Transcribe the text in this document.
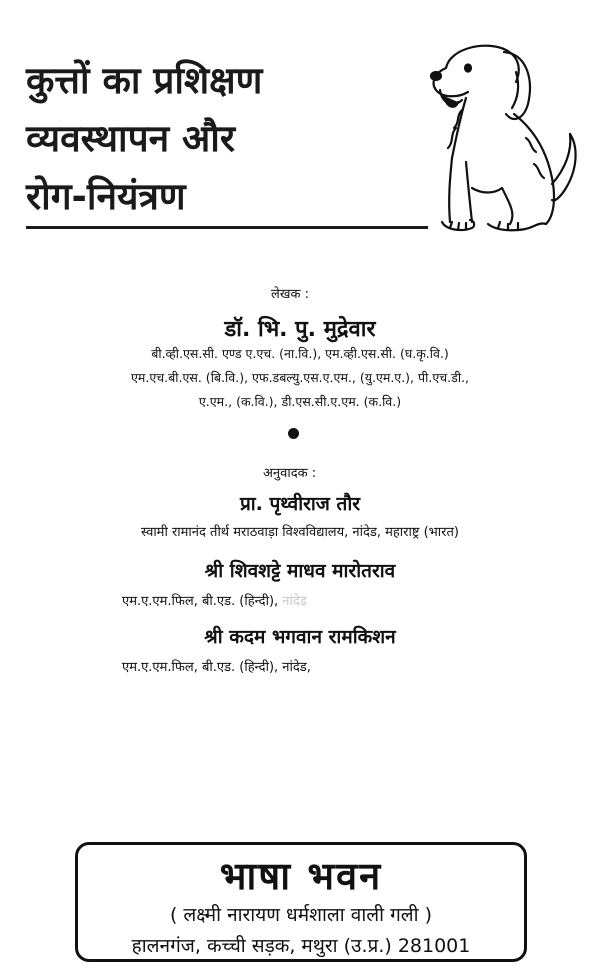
कुत्तों का प्रशिक्षण
व्यवस्थापन और
रोग-नियंत्रण
लेखक :
डॉ. भि. पु. मुद्रेवार
बी.व्ही.एस.सी. एण्ड ए.एच. (ना.वि.), एम.व्ही.एस.सी. (घ.कृ.वि.)
एम.एच.बी.एस. (बि.वि.), एफ.डबल्यु.एस.ए.एम., (यु.एम.ए.), पी.एच.डी.,
ए.एम., (क.वि.), डी.एस.सी.ए.एम. (क.वि.)
अनुवादक :
प्रा. पृथ्वीराज तौर
स्वामी रामानंद तीर्थ मराठवाड़ा विश्वविद्यालय, नांदेड, महाराष्ट्र (भारत)
श्री शिवशट्टे माधव मारोतराव
एम.ए.एम.फिल, बी.एड. (हिन्दी), नांदेड
श्री कदम भगवान रामकिशन
एम.ए.एम.फिल, बी.एड. (हिन्दी), नांदेड,
भाषा भवन
( लक्ष्मी नारायण धर्मशाला वाली गली )
हालनगंज, कच्ची सड़क, मथुरा (उ.प्र.) 281001
